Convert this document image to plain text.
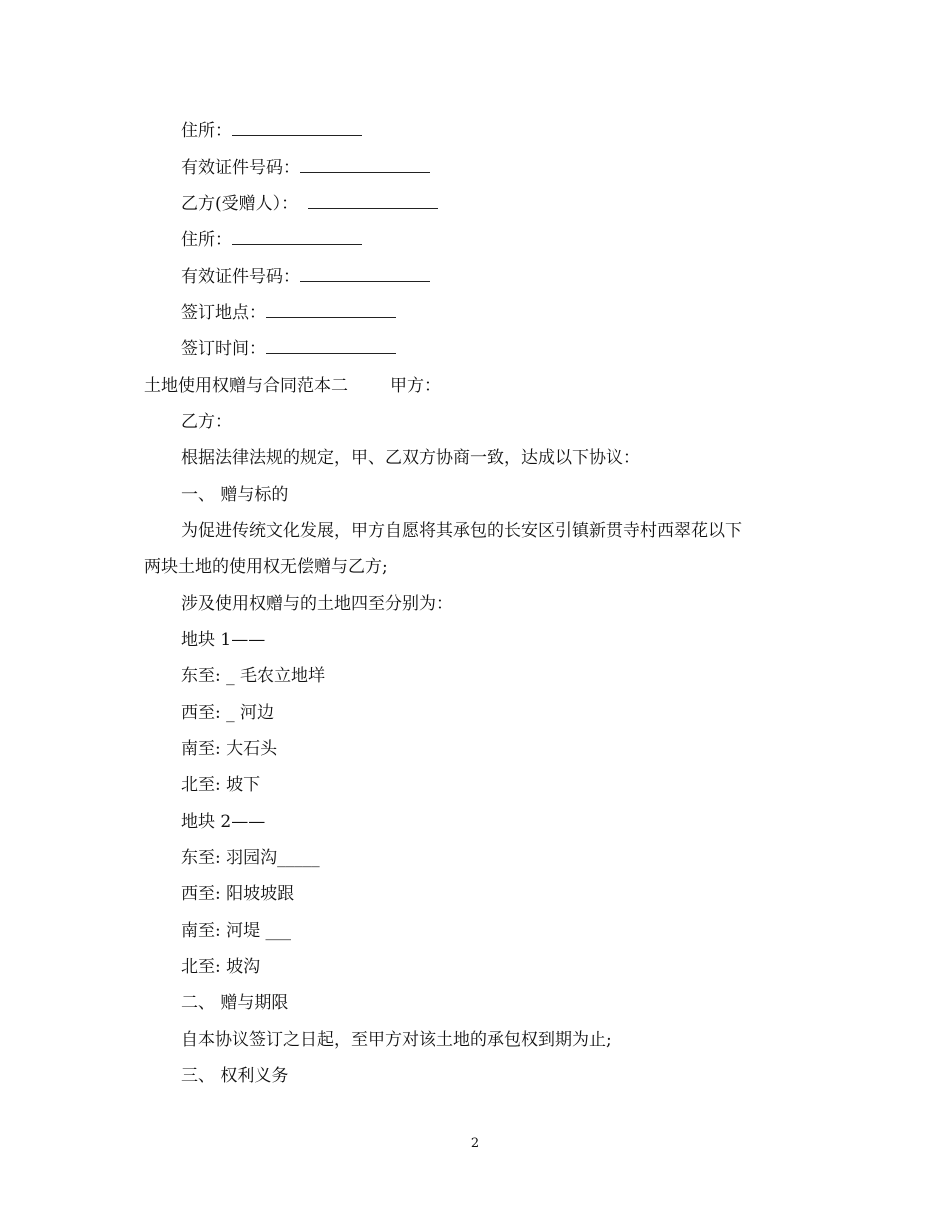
住所：
有效证件号码：
乙方(受赠人）：
住所：
有效证件号码：
签订地点：
签订时间：
土地使用权赠与合同范本二 甲方：
乙方：
根据法律法规的规定，甲、乙双方协商一致，达成以下协议：
一、 赠与标的
为促进传统文化发展，甲方自愿将其承包的长安区引镇新贯寺村西翠花以下
两块土地的使用权无偿赠与乙方;
涉及使用权赠与的土地四至分别为：
地块 1——
东至: _ 毛农立地垟
西至: _ 河边
南至: 大石头
北至: 坡下
地块 2——
东至: 羽园沟_____
西至: 阳坡坡跟
南至: 河堤 ___
北至: 坡沟
二、 赠与期限
自本协议签订之日起，至甲方对该土地的承包权到期为止;
三、 权利义务
2
